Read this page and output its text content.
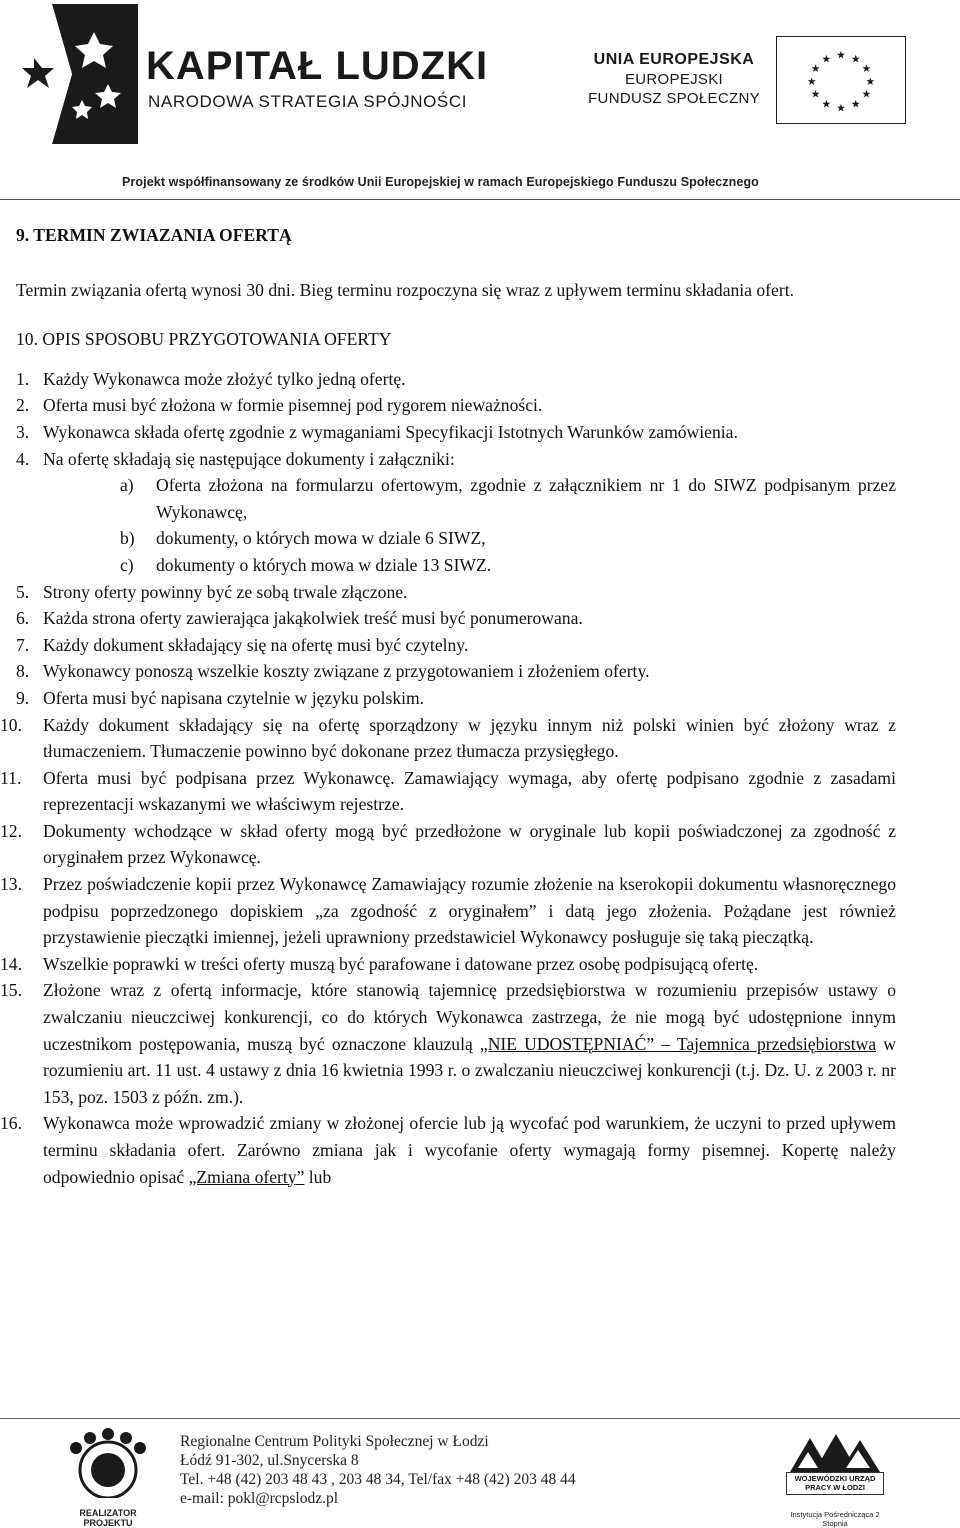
KAPITAŁ LUDZKI
NARODOWA STRATEGIA SPÓJNOŚCI
UNIA EUROPEJSKA
EUROPEJSKI
FUNDUSZ SPOŁECZNY
★ ★
★
★
★
★
★
★
★
★
★
★
Projekt współfinansowany ze środków Unii Europejskiej w ramach Europejskiego Funduszu Społecznego

9. TERMIN ZWIAZANIA OFERTĄ

Termin związania ofertą wynosi 30 dni. Bieg terminu rozpoczyna się wraz z upływem terminu składania ofert.

10. OPIS SPOSOBU PRZYGOTOWANIA OFERTY

1. Każdy Wykonawca może złożyć tylko jedną ofertę.

2. Oferta musi być złożona w formie pisemnej pod rygorem nieważności.

3. Wykonawca składa ofertę zgodnie z wymaganiami Specyfikacji Istotnych Warunków zamówienia.

4. Na ofertę składają się następujące dokumenty i załączniki:

a) Oferta złożona na formularzu ofertowym, zgodnie z załącznikiem nr 1 do SIWZ podpisanym przez Wykonawcę,

b) dokumenty, o których mowa w dziale 6 SIWZ,

c) dokumenty o których mowa w dziale 13 SIWZ.

5. Strony oferty powinny być ze sobą trwale złączone.

6. Każda strona oferty zawierająca jakąkolwiek treść musi być ponumerowana.

7. Każdy dokument składający się na ofertę musi być czytelny.

8. Wykonawcy ponoszą wszelkie koszty związane z przygotowaniem i złożeniem oferty.

9. Oferta musi być napisana czytelnie w języku polskim.

10. Każdy dokument składający się na ofertę sporządzony w języku innym niż polski winien być złożony wraz z tłumaczeniem. Tłumaczenie powinno być dokonane przez tłumacza przysięgłego.

11. Oferta musi być podpisana przez Wykonawcę. Zamawiający wymaga, aby ofertę podpisano zgodnie z zasadami reprezentacji wskazanymi we właściwym rejestrze.

12. Dokumenty wchodzące w skład oferty mogą być przedłożone w oryginale lub kopii poświadczonej za zgodność z oryginałem przez Wykonawcę.

13. Przez poświadczenie kopii przez Wykonawcę Zamawiający rozumie złożenie na kserokopii dokumentu własnoręcznego podpisu poprzedzonego dopiskiem „za zgodność z oryginałem” i datą jego złożenia. Pożądane jest również przystawienie pieczątki imiennej, jeżeli uprawniony przedstawiciel Wykonawcy posługuje się taką pieczątką.

14. Wszelkie poprawki w treści oferty muszą być parafowane i datowane przez osobę podpisującą ofertę.

15. Złożone wraz z ofertą informacje, które stanowią tajemnicę przedsiębiorstwa w rozumieniu przepisów ustawy o zwalczaniu nieuczciwej konkurencji, co do których Wykonawca zastrzega, że nie mogą być udostępnione innym uczestnikom postępowania, muszą być oznaczone klauzulą „NIE UDOSTĘPNIAĆ” – Tajemnica przedsiębiorstwa w rozumieniu art. 11 ust. 4 ustawy z dnia 16 kwietnia 1993 r. o zwalczaniu nieuczciwej konkurencji (t.j. Dz. U. z 2003 r. nr 153, poz. 1503 z późn. zm.).

16. Wykonawca może wprowadzić zmiany w złożonej ofercie lub ją wycofać pod warunkiem, że uczyni to przed upływem terminu składania ofert. Zarówno zmiana jak i wycofanie oferty wymagają formy pisemnej. Kopertę należy odpowiednio opisać „Zmiana oferty” lub

REALIZATOR PROJEKTU
Regionalne Centrum Polityki Społecznej w Łodzi
Łódź 91-302, ul.Snycerska 8
Tel. +48 (42) 203 48 43 , 203 48 34, Tel/fax +48 (42) 203 48 44
e-mail: pokl@rcpslodz.pl
WOJEWÓDZKI URZĄD PRACY W ŁODZI
Instytucja Pośrednicząca 2 Stopnia
